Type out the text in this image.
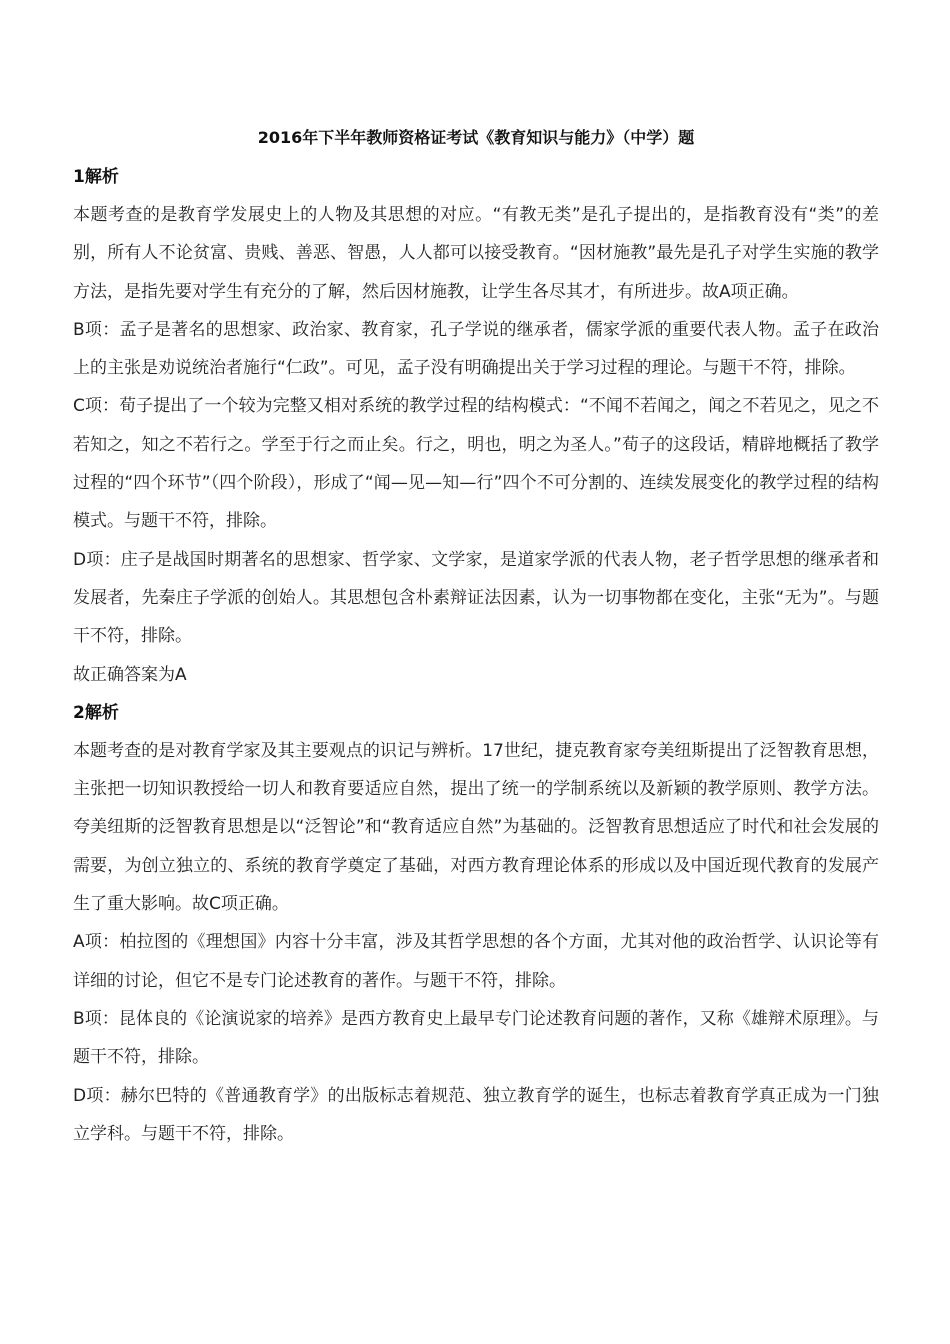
2016年下半年教师资格证考试《教育知识与能力》（中学）题
1解析

本题考查的是教育学发展史上的人物及其思想的对应。“有教无类”是孔子提出的，是指教育没有“类”的差别，所有人不论贫富、贵贱、善恶、智愚，人人都可以接受教育。“因材施教”最先是孔子对学生实施的教学方法，是指先要对学生有充分的了解，然后因材施教，让学生各尽其才，有所进步。故A项正确。

B项：孟子是著名的思想家、政治家、教育家，孔子学说的继承者，儒家学派的重要代表人物。孟子在政治上的主张是劝说统治者施行“仁政”。可见，孟子没有明确提出关于学习过程的理论。与题干不符，排除。

C项：荀子提出了一个较为完整又相对系统的教学过程的结构模式：“不闻不若闻之，闻之不若见之，见之不若知之，知之不若行之。学至于行之而止矣。行之，明也，明之为圣人。”荀子的这段话，精辟地概括了教学过程的“四个环节”（四个阶段），形成了“闻—见—知—行”四个不可分割的、连续发展变化的教学过程的结构模式。与题干不符，排除。

D项：庄子是战国时期著名的思想家、哲学家、文学家，是道家学派的代表人物，老子哲学思想的继承者和发展者，先秦庄子学派的创始人。其思想包含朴素辩证法因素，认为一切事物都在变化，主张“无为”。与题干不符，排除。

故正确答案为A

2解析

本题考查的是对教育学家及其主要观点的识记与辨析。17世纪，捷克教育家夸美纽斯提出了泛智教育思想，主张把一切知识教授给一切人和教育要适应自然，提出了统一的学制系统以及新颖的教学原则、教学方法。夸美纽斯的泛智教育思想是以“泛智论”和“教育适应自然”为基础的。泛智教育思想适应了时代和社会发展的需要，为创立独立的、系统的教育学奠定了基础，对西方教育理论体系的形成以及中国近现代教育的发展产生了重大影响。故C项正确。

A项：柏拉图的《理想国》内容十分丰富，涉及其哲学思想的各个方面，尤其对他的政治哲学、认识论等有详细的讨论，但它不是专门论述教育的著作。与题干不符，排除。

B项：昆体良的《论演说家的培养》是西方教育史上最早专门论述教育问题的著作，又称《雄辩术原理》。与题干不符，排除。

D项：赫尔巴特的《普通教育学》的出版标志着规范、独立教育学的诞生，也标志着教育学真正成为一门独立学科。与题干不符，排除。
